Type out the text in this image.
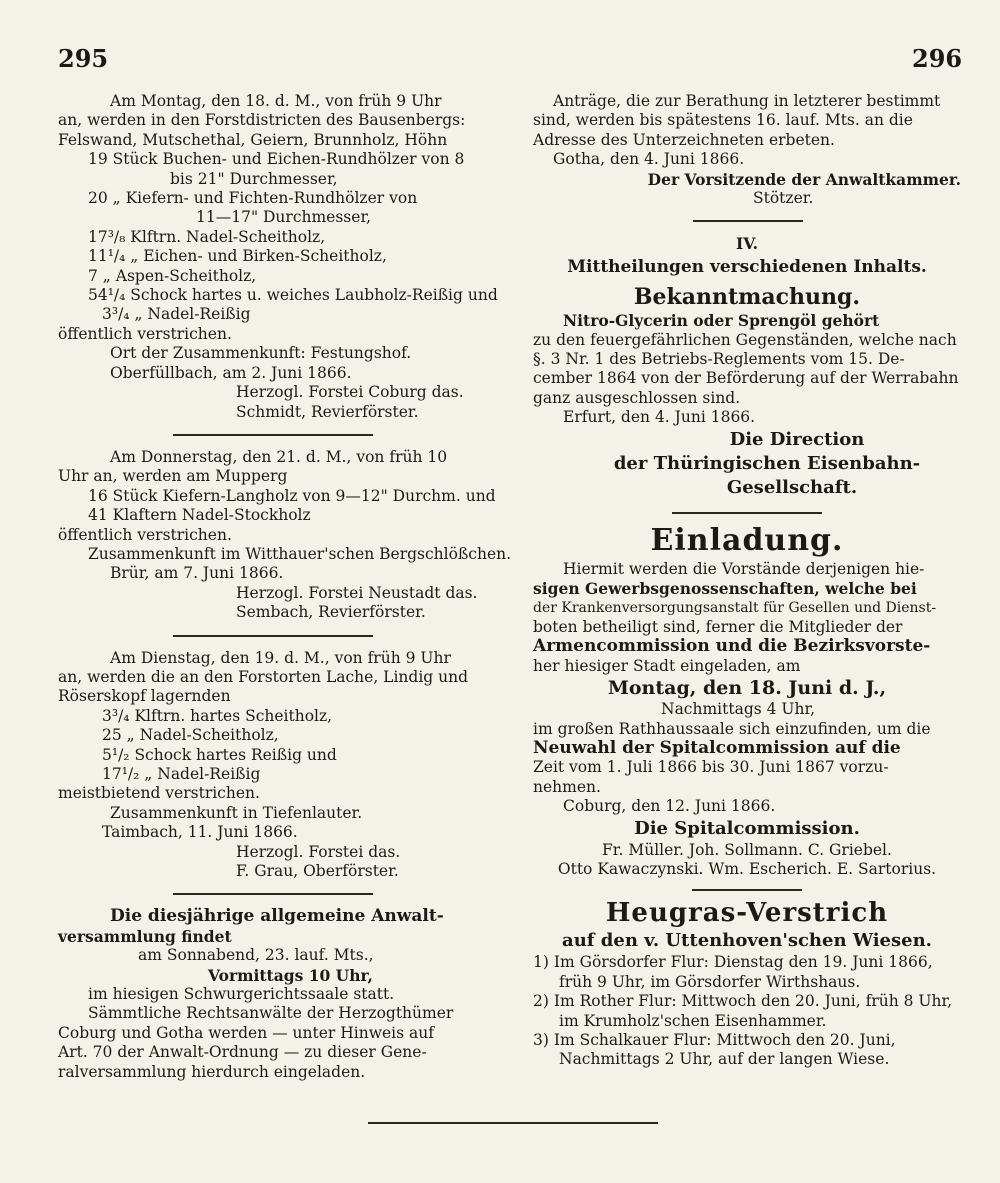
295	296

Am Montag, den 18. d. M., von früh 9 Uhr

an, werden in den Forstdistricten des Bausenbergs:

Felswand, Mutschethal, Geiern, Brunnholz, Höhn

19 Stück Buchen- und Eichen-Rundhölzer von 8

bis 21" Durchmesser,

20 „ Kiefern- und Fichten-Rundhölzer von

11—17" Durchmesser,

17³/₈ Klftrn. Nadel-Scheitholz,

11¹/₄ „ Eichen- und Birken-Scheitholz,

7 „ Aspen-Scheitholz,

54¹/₄ Schock hartes u. weiches Laubholz-Reißig und

3³/₄ „ Nadel-Reißig

öffentlich verstrichen.

Ort der Zusammenkunft: Festungshof.

Oberfüllbach, am 2. Juni 1866.

Herzogl. Forstei Coburg das.

Schmidt, Revierförster.

Am Donnerstag, den 21. d. M., von früh 10

Uhr an, werden am Mupperg

16 Stück Kiefern-Langholz von 9—12" Durchm. und

41 Klaftern Nadel-Stockholz

öffentlich verstrichen.

Zusammenkunft im Witthauer'schen Bergschlößchen.

Brür, am 7. Juni 1866.

Herzogl. Forstei Neustadt das.

Sembach, Revierförster.

Am Dienstag, den 19. d. M., von früh 9 Uhr

an, werden die an den Forstorten Lache, Lindig und

Röserskopf lagernden

3³/₄ Klftrn. hartes Scheitholz,

25 „ Nadel-Scheitholz,

5¹/₂ Schock hartes Reißig und

17¹/₂ „ Nadel-Reißig

meistbietend verstrichen.

Zusammenkunft in Tiefenlauter.

Taimbach, 11. Juni 1866.

Herzogl. Forstei das.

F. Grau, Oberförster.

Die diesjährige allgemeine Anwalt-

versammlung findet

am Sonnabend, 23. lauf. Mts.,

Vormittags 10 Uhr,

im hiesigen Schwurgerichtssaale statt.

Sämmtliche Rechtsanwälte der Herzogthümer

Coburg und Gotha werden — unter Hinweis auf

Art. 70 der Anwalt-Ordnung — zu dieser Gene-

ralversammlung hierdurch eingeladen.

Anträge, die zur Berathung in letzterer bestimmt

sind, werden bis spätestens 16. lauf. Mts. an die

Adresse des Unterzeichneten erbeten.

Gotha, den 4. Juni 1866.

Der Vorsitzende der Anwaltkammer.

Stötzer.

IV.
Mittheilungen verschiedenen Inhalts.
Bekanntmachung.

Nitro-Glycerin oder Sprengöl gehört

zu den feuergefährlichen Gegenständen, welche nach

§. 3 Nr. 1 des Betriebs-Reglements vom 15. De-

cember 1864 von der Beförderung auf der Werrabahn

ganz ausgeschlossen sind.

Erfurt, den 4. Juni 1866.

Die Direction

der Thüringischen Eisenbahn-

Gesellschaft.

Einladung.

Hiermit werden die Vorstände derjenigen hie-

sigen Gewerbsgenossenschaften, welche bei

der Krankenversorgungsanstalt für Gesellen und Dienst-

boten betheiligt sind, ferner die Mitglieder der

Armencommission und die Bezirksvorste-

her hiesiger Stadt eingeladen, am

Montag, den 18. Juni d. J.,

Nachmittags 4 Uhr,

im großen Rathhaussaale sich einzufinden, um die

Neuwahl der Spitalcommission auf die

Zeit vom 1. Juli 1866 bis 30. Juni 1867 vorzu-

nehmen.

Coburg, den 12. Juni 1866.

Die Spitalcommission.

Fr. Müller. Joh. Sollmann. C. Griebel.

Otto Kawaczynski. Wm. Escherich. E. Sartorius.

Heugras-Verstrich
auf den v. Uttenhoven'schen Wiesen.

1) Im Görsdorfer Flur: Dienstag den 19. Juni 1866, früh 9 Uhr, im Görsdorfer Wirthshaus.

2) Im Rother Flur: Mittwoch den 20. Juni, früh 8 Uhr, im Krumholz'schen Eisenhammer.

3) Im Schalkauer Flur: Mittwoch den 20. Juni, Nachmittags 2 Uhr, auf der langen Wiese.
